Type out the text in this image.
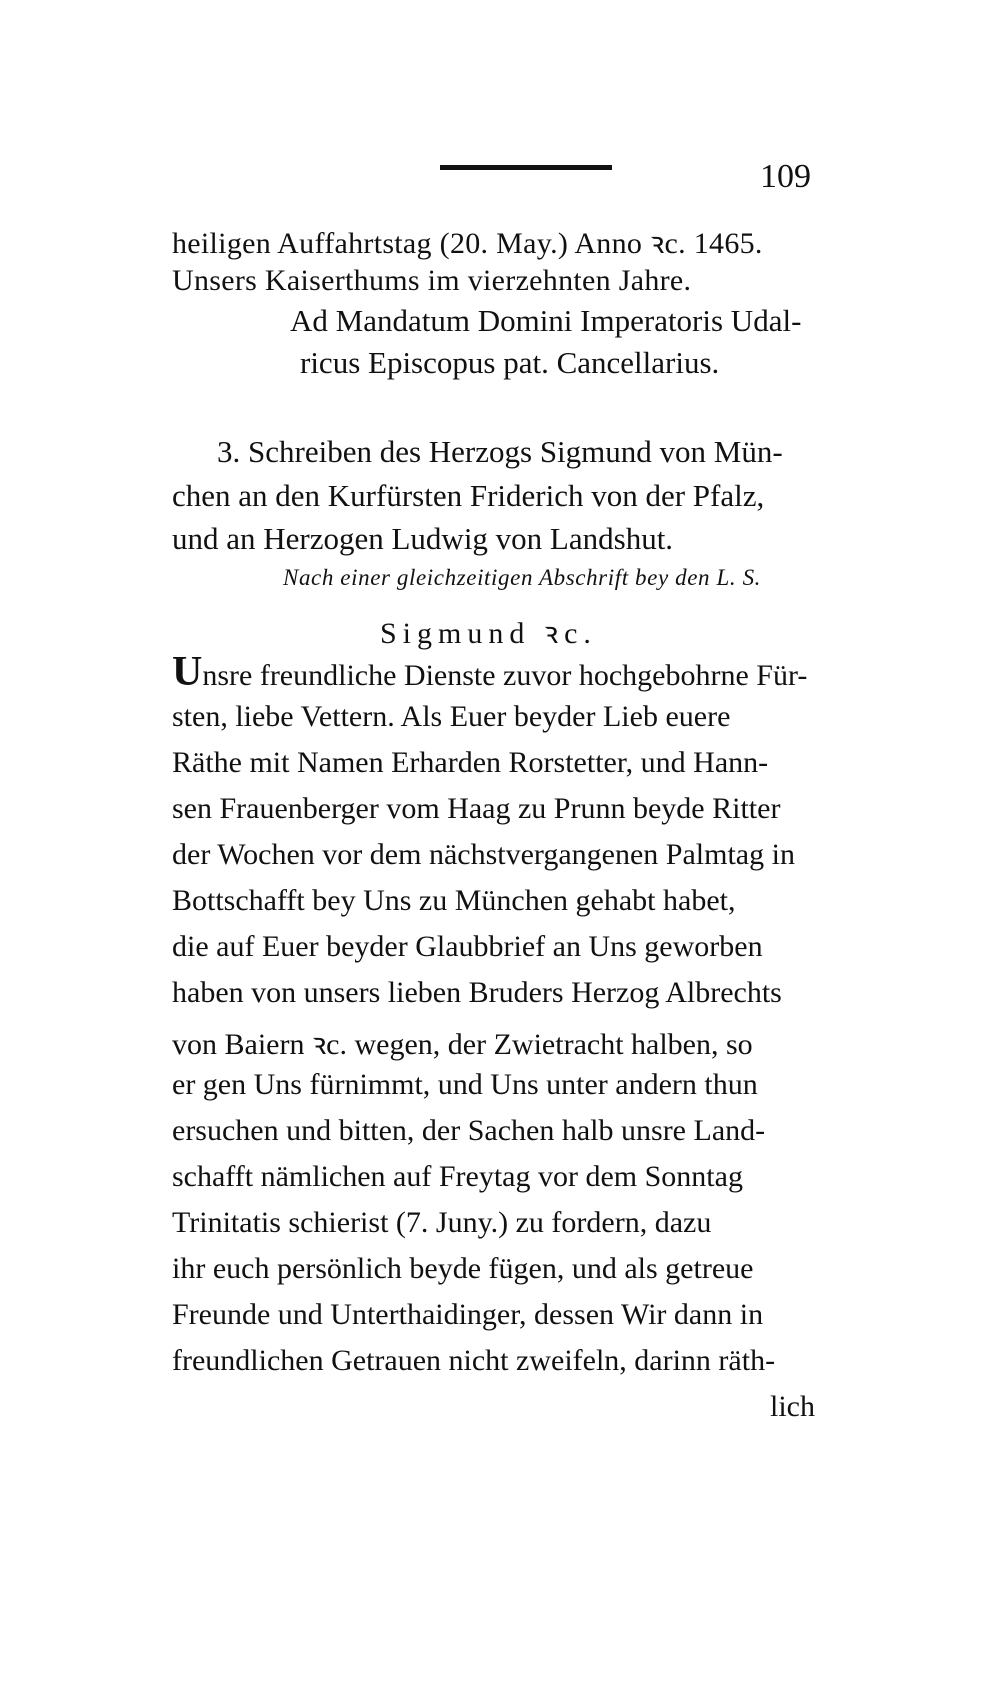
109
heiligen Auffahrtstag (20. May.) Anno ꝛc. 1465.
Unsers Kaiserthums im vierzehnten Jahre.
Ad Mandatum Domini Imperatoris Udal-
ricus Episcopus pat. Cancellarius.
3. Schreiben des Herzogs Sigmund von Mün-
chen an den Kurfürsten Friderich von der Pfalz,
und an Herzogen Ludwig von Landshut.
Nach einer gleichzeitigen Abschrift bey den L. S.
Sigmund ꝛc.
Unsre freundliche Dienste zuvor hochgebohrne Für-
sten, liebe Vettern. Als Euer beyder Lieb euere
Räthe mit Namen Erharden Rorstetter, und Hann-
sen Frauenberger vom Haag zu Prunn beyde Ritter
der Wochen vor dem nächstvergangenen Palmtag in
Bottschafft bey Uns zu München gehabt habet,
die auf Euer beyder Glaubbrief an Uns geworben
haben von unsers lieben Bruders Herzog Albrechts
von Baiern ꝛc. wegen, der Zwietracht halben, so
er gen Uns fürnimmt, und Uns unter andern thun
ersuchen und bitten, der Sachen halb unsre Land-
schafft nämlichen auf Freytag vor dem Sonntag
Trinitatis schierist (7. Juny.) zu fordern, dazu
ihr euch persönlich beyde fügen, und als getreue
Freunde und Unterthaidinger, dessen Wir dann in
freundlichen Getrauen nicht zweifeln, darinn räth-
lich
